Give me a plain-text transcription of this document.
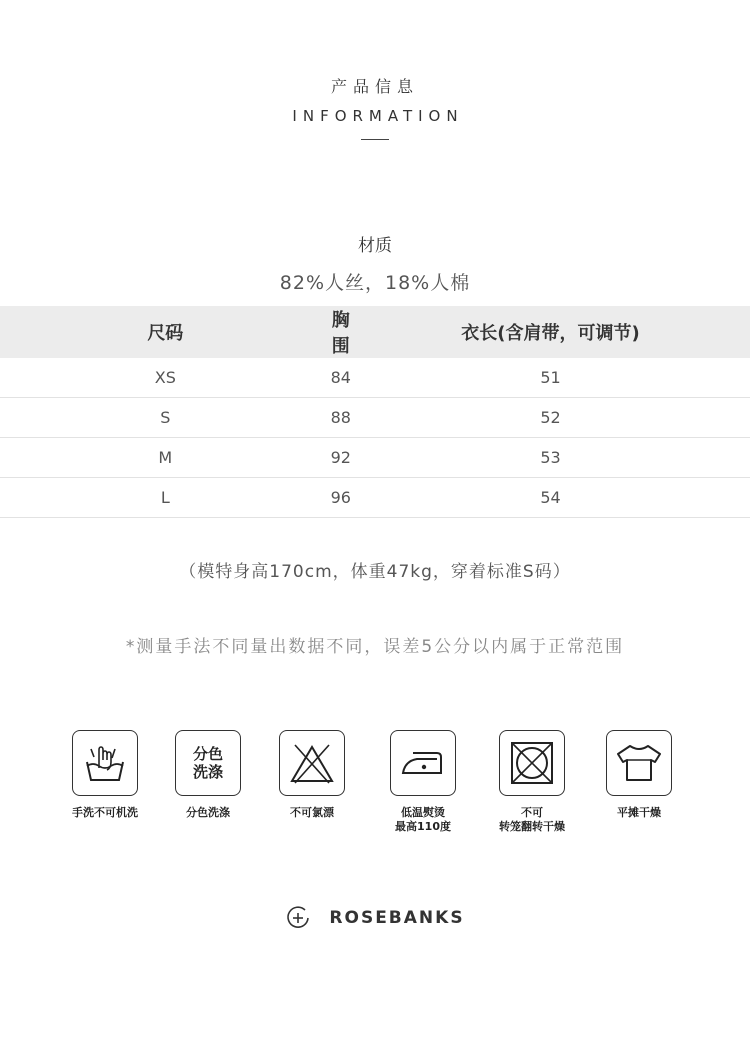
产品信息
INFORMATION
材质
82%人丝，18%人棉
尺码	胸围	衣长(含肩带，可调节)
XS	84	51
S	88	52
M	92	53
L	96	54
（模特身高170cm，体重47kg，穿着标准S码）
*测量手法不同量出数据不同，误差5公分以内属于正常范围
手洗不可机洗
分色
洗涤
分色洗涤	不可氯漂	低温熨烫
最高110度
不可
转笼翻转干燥
平摊干燥
ROSEBANKS
